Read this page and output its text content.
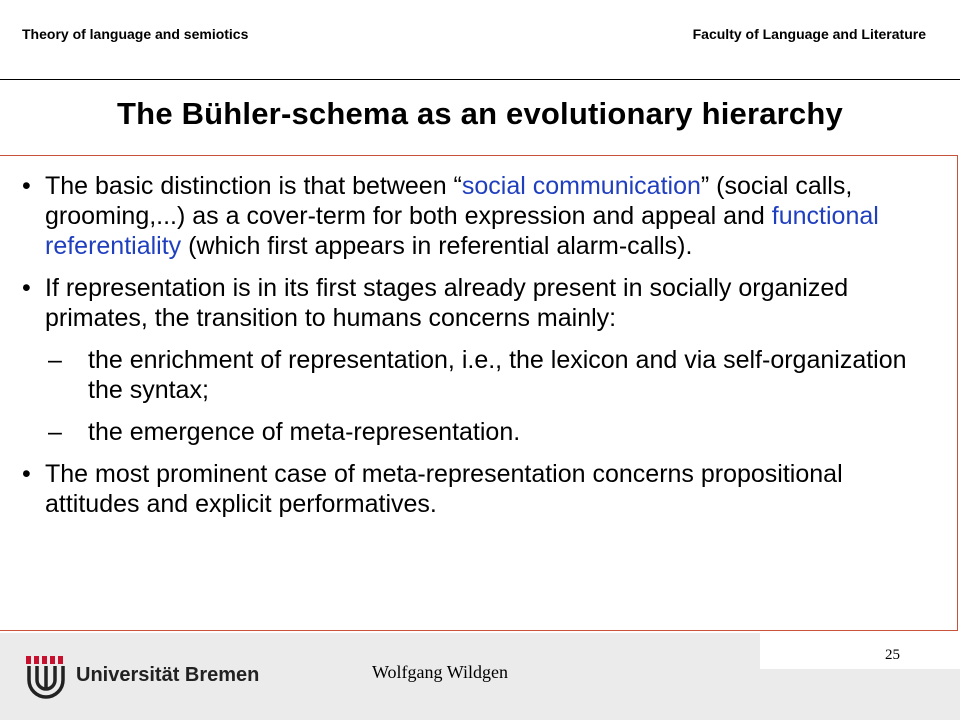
Theory of language and semiotics	Faculty of Language and Literature
The Bühler-schema as an evolutionary hierarchy
• The basic distinction is that between “social communication” (social calls, grooming,...) as a cover-term for both expression and appeal and functional referentiality (which first appears in referential alarm-calls).
• If representation is in its first stages already present in socially organized primates, the transition to humans concerns mainly:
– the enrichment of representation, i.e., the lexicon and via self-organization the syntax;
– the emergence of meta-representation.
• The most prominent case of meta-representation concerns propositional attitudes and explicit performatives.
25
Universität Bremen	Wolfgang Wildgen
